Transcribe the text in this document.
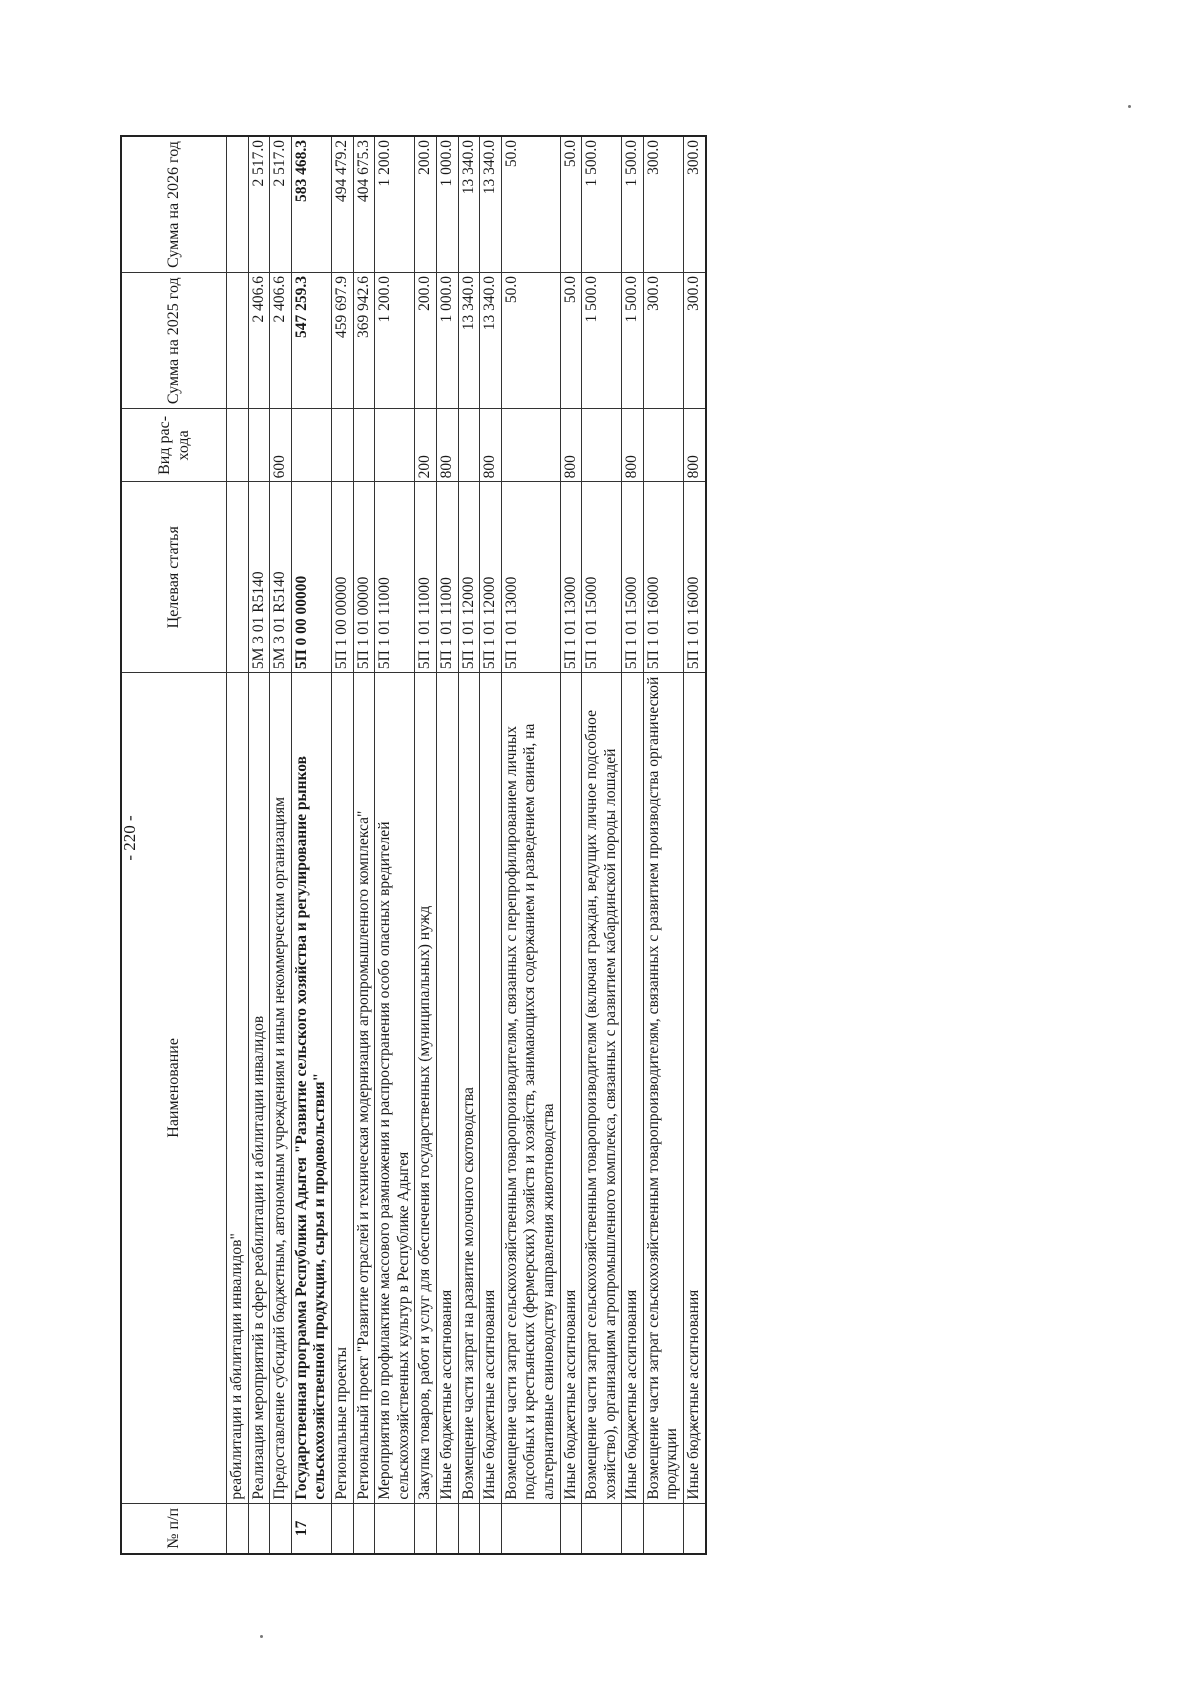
- 220 -
№ п/п	Наименование	Целевая статья	Вид рас-хода	Сумма на 2025 год	Сумма на 2026 год
	реабилитации и абилитации инвалидов"				
	Реализация мероприятий в сфере реабилитации и абилитации инвалидов	5М 3 01 R5140		2 406.6	2 517.0
	Предоставление субсидий бюджетным, автономным учреждениям и иным некоммерческим организациям	5М 3 01 R5140	600	2 406.6	2 517.0
17	Государственная программа Республики Адыгея "Развитие сельского хозяйства и регулирование рынков сельскохозяйственной продукции, сырья и продовольствия"	5П 0 00 00000		547 259.3	583 468.3
	Региональные проекты	5П 1 00 00000		459 697.9	494 479.2
	Региональный проект "Развитие отраслей и техническая модернизация агропромышленного комплекса"	5П 1 01 00000		369 942.6	404 675.3
	Мероприятия по профилактике массового размножения и распространения особо опасных вредителей сельскохозяйственных культур в Республике Адыгея	5П 1 01 11000		1 200.0	1 200.0
	Закупка товаров, работ и услуг для обеспечения государственных (муниципальных) нужд	5П 1 01 11000	200	200.0	200.0
	Иные бюджетные ассигнования	5П 1 01 11000	800	1 000.0	1 000.0
	Возмещение части затрат на развитие молочного скотоводства	5П 1 01 12000		13 340.0	13 340.0
	Иные бюджетные ассигнования	5П 1 01 12000	800	13 340.0	13 340.0
	Возмещение части затрат сельскохозяйственным товаропроизводителям, связанных с перепрофилированием личных подсобных и крестьянских (фермерских) хозяйств и хозяйств, занимающихся содержанием и разведением свиней, на альтернативные свиноводству направления животноводства	5П 1 01 13000		50.0	50.0
	Иные бюджетные ассигнования	5П 1 01 13000	800	50.0	50.0
	Возмещение части затрат сельскохозяйственным товаропроизводителям (включая граждан, ведущих личное подсобное хозяйство), организациям агропромышленного комплекса, связанных с развитием кабардинской породы лошадей	5П 1 01 15000		1 500.0	1 500.0
	Иные бюджетные ассигнования	5П 1 01 15000	800	1 500.0	1 500.0
	Возмещение части затрат сельскохозяйственным товаропроизводителям, связанных с развитием производства органической продукции	5П 1 01 16000		300.0	300.0
	Иные бюджетные ассигнования	5П 1 01 16000	800	300.0	300.0
